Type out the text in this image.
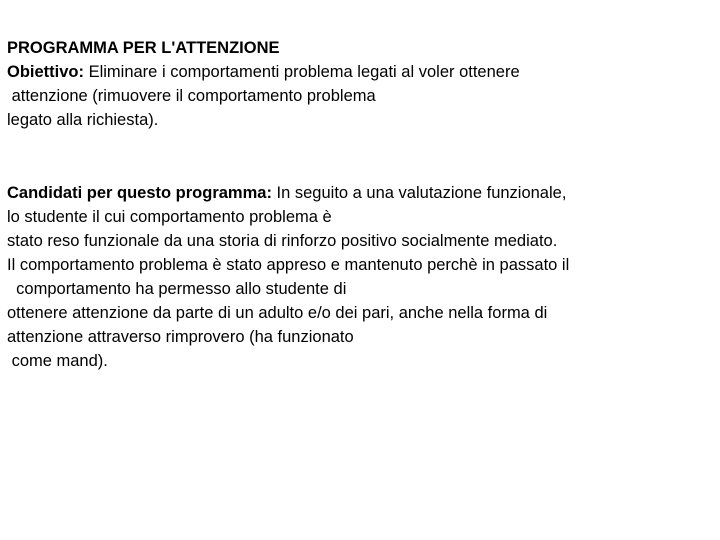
PROGRAMMA PER L'ATTENZIONE
Obiettivo: Eliminare i comportamenti problema legati al voler ottenere
attenzione (rimuovere il comportamento problema
legato alla richiesta).
Candidati per questo programma: In seguito a una valutazione funzionale,
lo studente il cui comportamento problema è
stato reso funzionale da una storia di rinforzo positivo socialmente mediato.
Il comportamento problema è stato appreso e mantenuto perchè in passato il
comportamento ha permesso allo studente di
ottenere attenzione da parte di un adulto e/o dei pari, anche nella forma di
attenzione attraverso rimprovero (ha funzionato
come mand).
